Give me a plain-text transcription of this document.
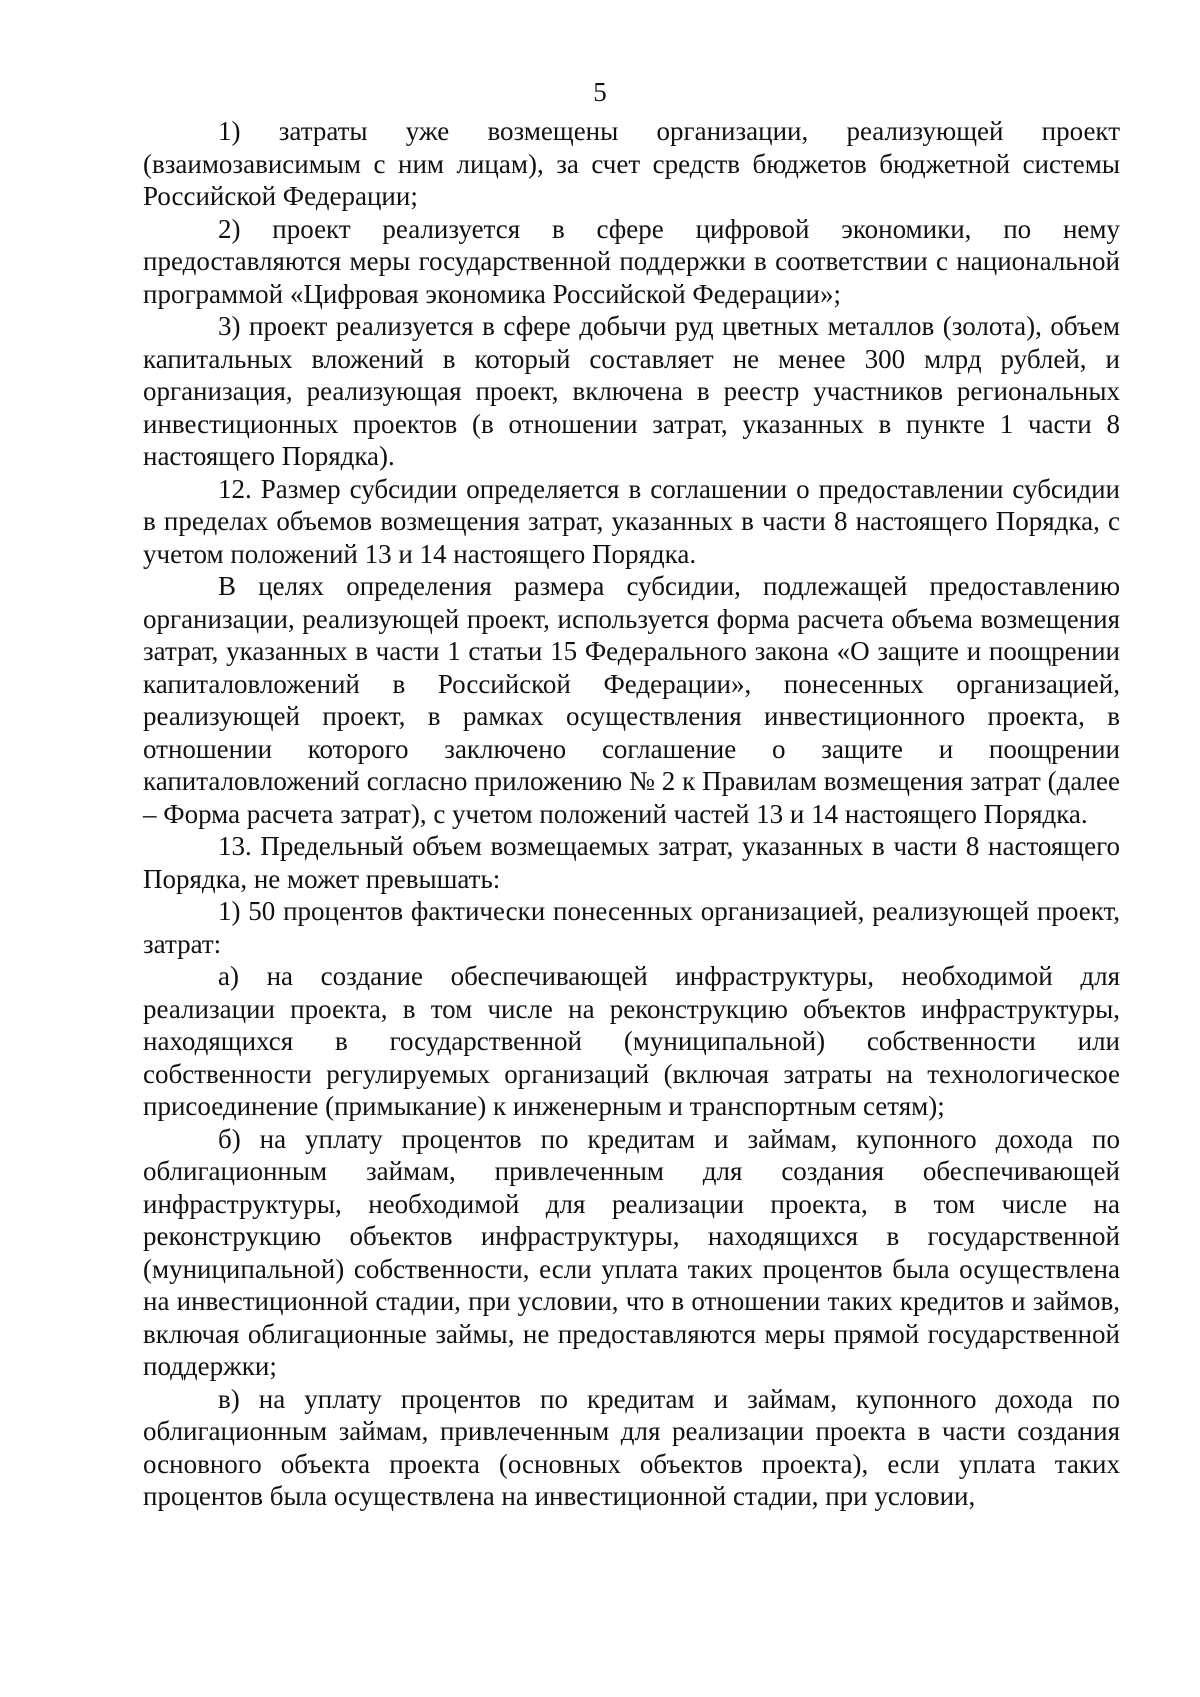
5

1) затраты уже возмещены организации, реализующей проект (взаимозависимым с ним лицам), за счет средств бюджетов бюджетной системы Российской Федерации;

2) проект реализуется в сфере цифровой экономики, по нему предоставляются меры государственной поддержки в соответствии с национальной программой «Цифровая экономика Российской Федерации»;

3) проект реализуется в сфере добычи руд цветных металлов (золота), объем капитальных вложений в который составляет не менее 300 млрд рублей, и организация, реализующая проект, включена в реестр участников региональных инвестиционных проектов (в отношении затрат, указанных в пункте 1 части 8 настоящего Порядка).

12. Размер субсидии определяется в соглашении о предоставлении субсидии в пределах объемов возмещения затрат, указанных в части 8 настоящего Порядка, с учетом положений 13 и 14 настоящего Порядка.

В целях определения размера субсидии, подлежащей предоставлению организации, реализующей проект, используется форма расчета объема возмещения затрат, указанных в части 1 статьи 15 Федерального закона «О защите и поощрении капиталовложений в Российской Федерации», понесенных организацией, реализующей проект, в рамках осуществления инвестиционного проекта, в отношении которого заключено соглашение о защите и поощрении капиталовложений согласно приложению № 2 к Правилам возмещения затрат (далее – Форма расчета затрат), с учетом положений частей 13 и 14 настоящего Порядка.

13. Предельный объем возмещаемых затрат, указанных в части 8 настоящего Порядка, не может превышать:

1) 50 процентов фактически понесенных организацией, реализующей проект, затрат:

а) на создание обеспечивающей инфраструктуры, необходимой для реализации проекта, в том числе на реконструкцию объектов инфраструктуры, находящихся в государственной (муниципальной) собственности или собственности регулируемых организаций (включая затраты на технологическое присоединение (примыкание) к инженерным и транспортным сетям);

б) на уплату процентов по кредитам и займам, купонного дохода по облигационным займам, привлеченным для создания обеспечивающей инфраструктуры, необходимой для реализации проекта, в том числе на реконструкцию объектов инфраструктуры, находящихся в государственной (муниципальной) собственности, если уплата таких процентов была осуществлена на инвестиционной стадии, при условии, что в отношении таких кредитов и займов, включая облигационные займы, не предоставляются меры прямой государственной поддержки;

в) на уплату процентов по кредитам и займам, купонного дохода по облигационным займам, привлеченным для реализации проекта в части создания основного объекта проекта (основных объектов проекта), если уплата таких процентов была осуществлена на инвестиционной стадии, при условии,
